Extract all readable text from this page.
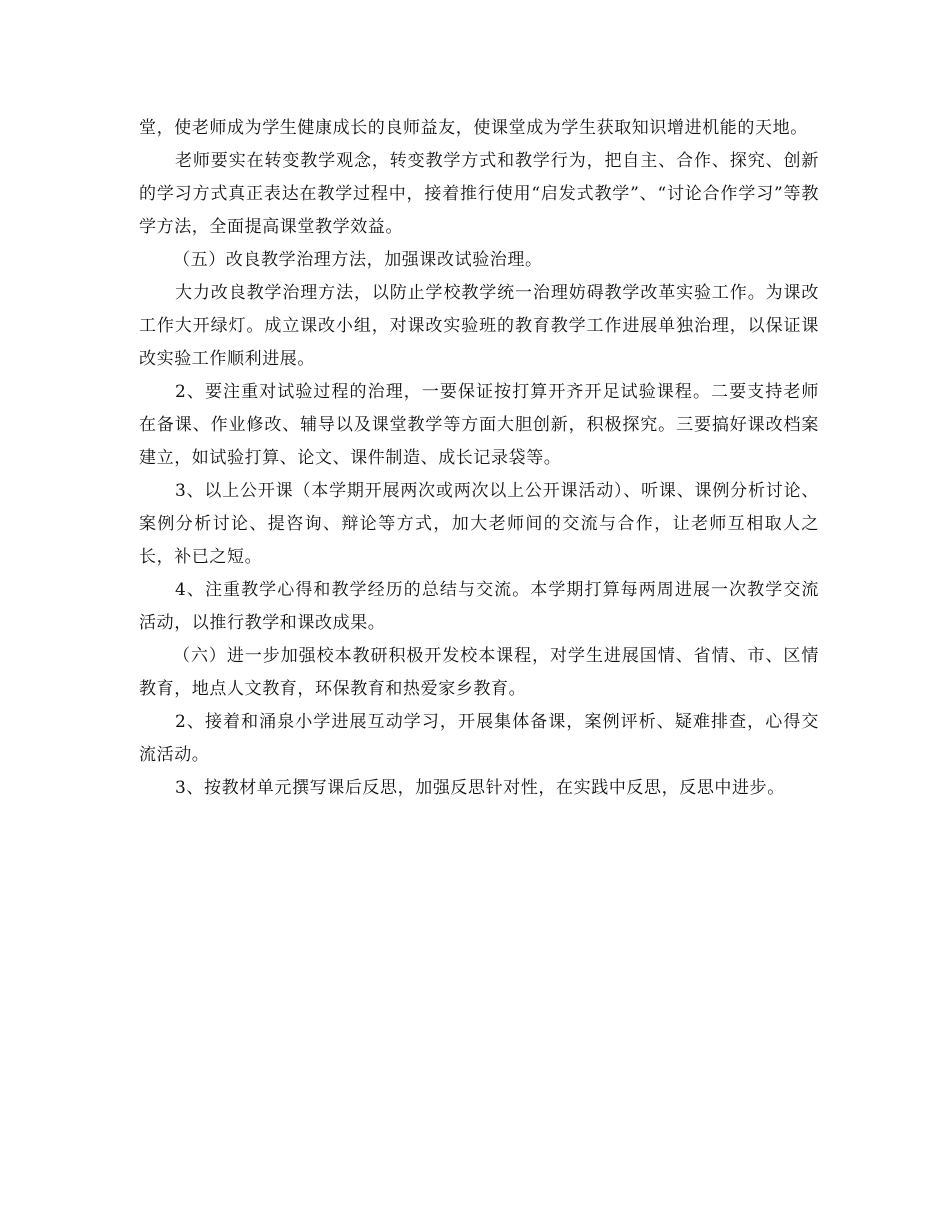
堂，使老师成为学生健康成长的良师益友，使课堂成为学生获取知识增进机能的天地。

老师要实在转变教学观念，转变教学方式和教学行为，把自主、合作、探究、创新的学习方式真正表达在教学过程中，接着推行使用“启发式教学”、“讨论合作学习”等教学方法，全面提高课堂教学效益。

（五）改良教学治理方法，加强课改试验治理。

大力改良教学治理方法，以防止学校教学统一治理妨碍教学改革实验工作。为课改工作大开绿灯。成立课改小组，对课改实验班的教育教学工作进展单独治理，以保证课改实验工作顺利进展。

2、要注重对试验过程的治理，一要保证按打算开齐开足试验课程。二要支持老师在备课、作业修改、辅导以及课堂教学等方面大胆创新，积极探究。三要搞好课改档案建立，如试验打算、论文、课件制造、成长记录袋等。

3、以上公开课（本学期开展两次或两次以上公开课活动）、听课、课例分析讨论、案例分析讨论、提咨询、辩论等方式，加大老师间的交流与合作，让老师互相取人之长，补已之短。

4、注重教学心得和教学经历的总结与交流。本学期打算每两周进展一次教学交流活动，以推行教学和课改成果。

（六）进一步加强校本教研积极开发校本课程，对学生进展国情、省情、市、区情教育，地点人文教育，环保教育和热爱家乡教育。

2、接着和涌泉小学进展互动学习，开展集体备课，案例评析、疑难排查，心得交流活动。

3、按教材单元撰写课后反思，加强反思针对性，在实践中反思，反思中进步。
